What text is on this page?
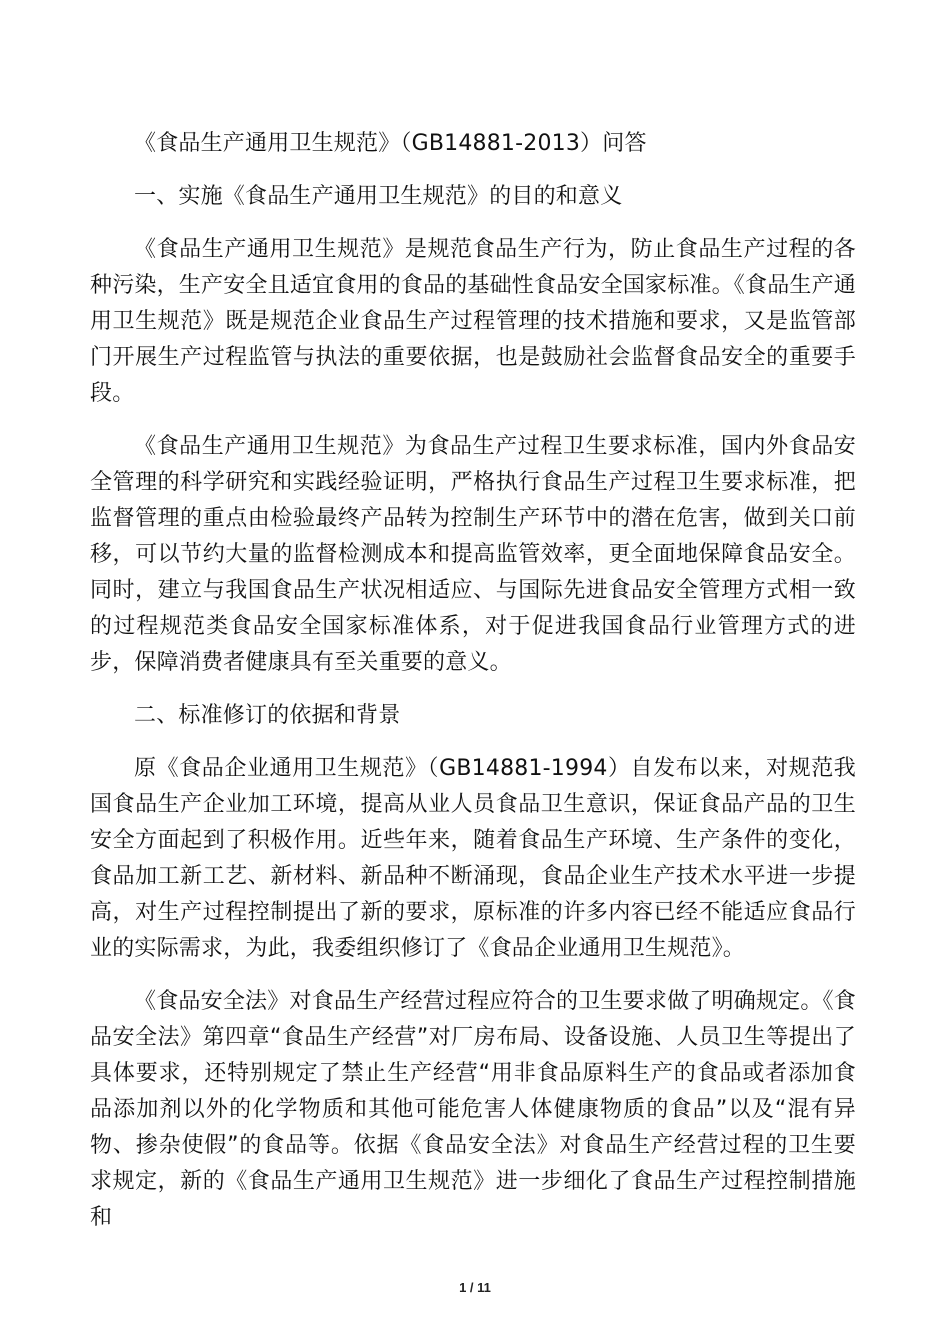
《食品生产通用卫生规范》（GB14881-2013）问答

一、实施《食品生产通用卫生规范》的目的和意义

《食品生产通用卫生规范》是规范食品生产行为，防止食品生产过程的各种污染，生产安全且适宜食用的食品的基础性食品安全国家标准。《食品生产通用卫生规范》既是规范企业食品生产过程管理的技术措施和要求，又是监管部门开展生产过程监管与执法的重要依据，也是鼓励社会监督食品安全的重要手段。

《食品生产通用卫生规范》为食品生产过程卫生要求标准，国内外食品安全管理的科学研究和实践经验证明，严格执行食品生产过程卫生要求标准，把监督管理的重点由检验最终产品转为控制生产环节中的潜在危害，做到关口前移，可以节约大量的监督检测成本和提高监管效率，更全面地保障食品安全。同时，建立与我国食品生产状况相适应、与国际先进食品安全管理方式相一致的过程规范类食品安全国家标准体系，对于促进我国食品行业管理方式的进步，保障消费者健康具有至关重要的意义。

二、标准修订的依据和背景

原《食品企业通用卫生规范》（GB14881-1994）自发布以来，对规范我国食品生产企业加工环境，提高从业人员食品卫生意识，保证食品产品的卫生安全方面起到了积极作用。近些年来，随着食品生产环境、生产条件的变化，食品加工新工艺、新材料、新品种不断涌现，食品企业生产技术水平进一步提高，对生产过程控制提出了新的要求，原标准的许多内容已经不能适应食品行业的实际需求，为此，我委组织修订了《食品企业通用卫生规范》。

《食品安全法》对食品生产经营过程应符合的卫生要求做了明确规定。《食品安全法》第四章“食品生产经营”对厂房布局、设备设施、人员卫生等提出了具体要求，还特别规定了禁止生产经营“用非食品原料生产的食品或者添加食品添加剂以外的化学物质和其他可能危害人体健康物质的食品”以及“混有异物、掺杂使假”的食品等。依据《食品安全法》对食品生产经营过程的卫生要求规定，新的《食品生产通用卫生规范》进一步细化了食品生产过程控制措施和

1 / 11
